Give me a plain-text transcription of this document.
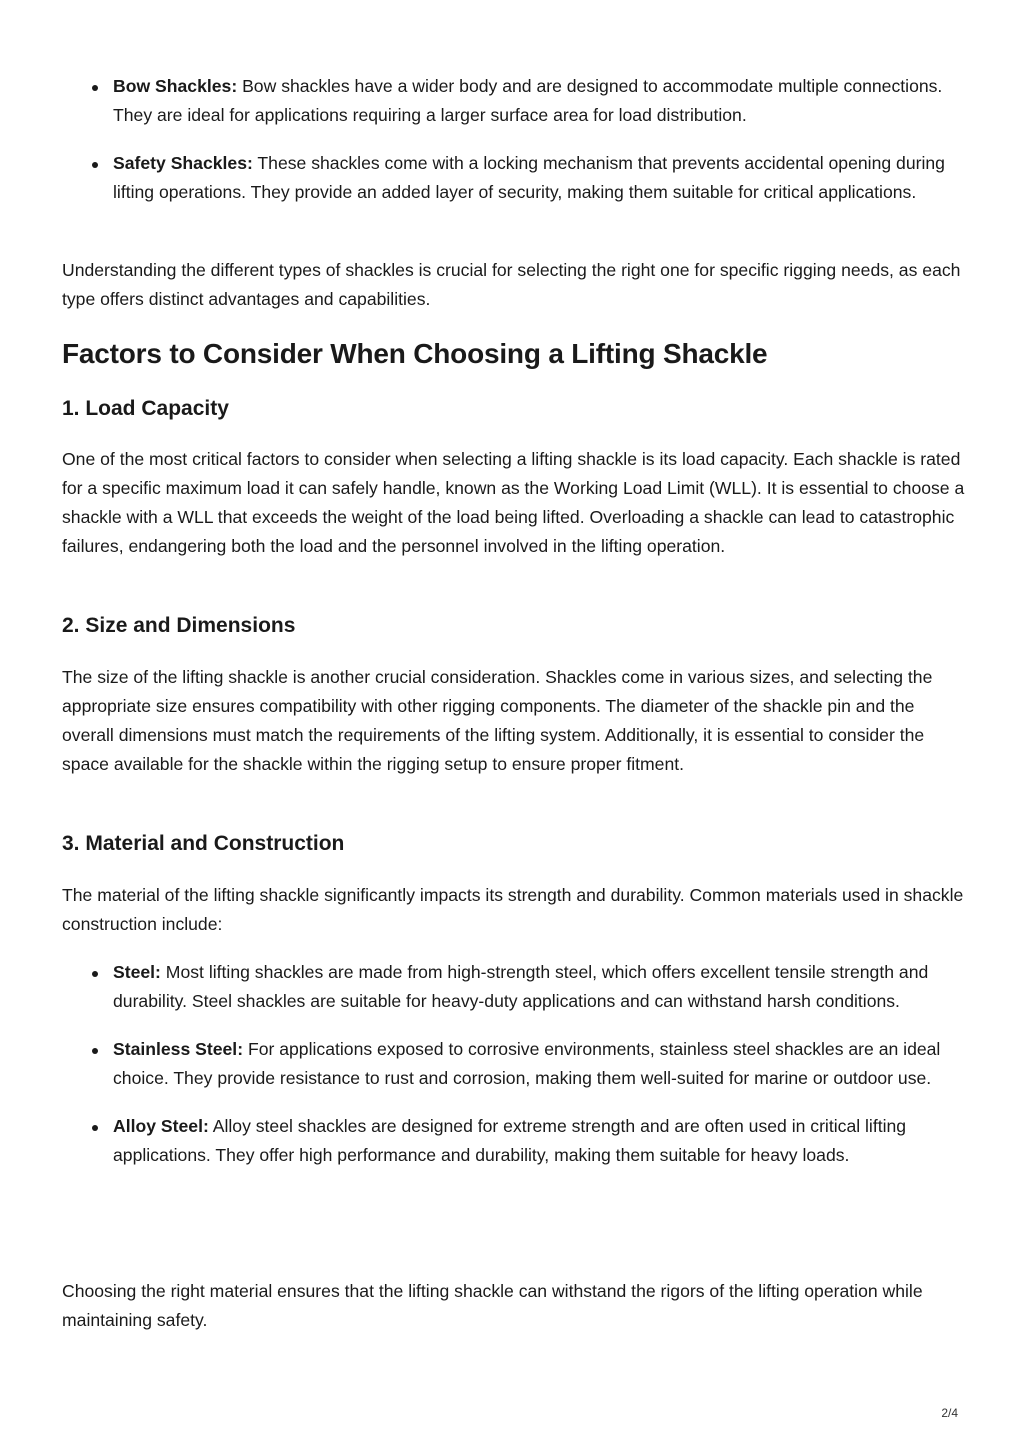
Bow Shackles: Bow shackles have a wider body and are designed to accommodate multiple connections. They are ideal for applications requiring a larger surface area for load distribution.
Safety Shackles: These shackles come with a locking mechanism that prevents accidental opening during lifting operations. They provide an added layer of security, making them suitable for critical applications.

Understanding the different types of shackles is crucial for selecting the right one for specific rigging needs, as each type offers distinct advantages and capabilities.

Factors to Consider When Choosing a Lifting Shackle
1. Load Capacity

One of the most critical factors to consider when selecting a lifting shackle is its load capacity. Each shackle is rated for a specific maximum load it can safely handle, known as the Working Load Limit (WLL). It is essential to choose a shackle with a WLL that exceeds the weight of the load being lifted. Overloading a shackle can lead to catastrophic failures, endangering both the load and the personnel involved in the lifting operation.

2. Size and Dimensions

The size of the lifting shackle is another crucial consideration. Shackles come in various sizes, and selecting the appropriate size ensures compatibility with other rigging components. The diameter of the shackle pin and the overall dimensions must match the requirements of the lifting system. Additionally, it is essential to consider the space available for the shackle within the rigging setup to ensure proper fitment.

3. Material and Construction

The material of the lifting shackle significantly impacts its strength and durability. Common materials used in shackle construction include:

Steel: Most lifting shackles are made from high-strength steel, which offers excellent tensile strength and durability. Steel shackles are suitable for heavy-duty applications and can withstand harsh conditions.
Stainless Steel: For applications exposed to corrosive environments, stainless steel shackles are an ideal choice. They provide resistance to rust and corrosion, making them well-suited for marine or outdoor use.
Alloy Steel: Alloy steel shackles are designed for extreme strength and are often used in critical lifting applications. They offer high performance and durability, making them suitable for heavy loads.

Choosing the right material ensures that the lifting shackle can withstand the rigors of the lifting operation while maintaining safety.

2/4
